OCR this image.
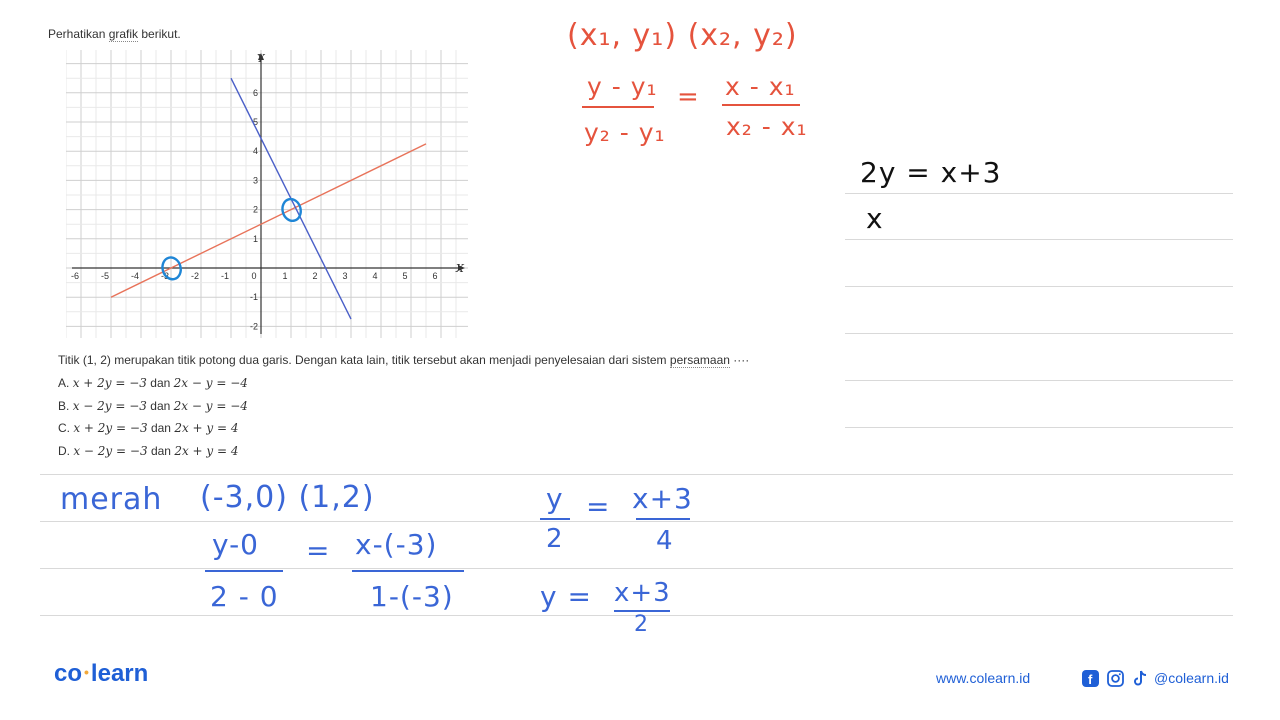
Perhatikan grafik berikut.
X
Y
-6 -5 -4 -3 -2 -1 0	1	2	3	4	5	6
-2
-1
1
2
3
4
5
6
Titik (1, 2) merupakan titik potong dua garis. Dengan kata lain, titik tersebut akan menjadi penyelesaian dari sistem persamaan ····
A. x + 2y = −3 dan 2x − y = −4
B. x − 2y = −3 dan 2x − y = −4
C. x + 2y = −3 dan 2x + y = 4
D. x − 2y = −3 dan 2x + y = 4
(x₁, y₁) (x₂, y₂)
y - y₁
y₂ - y₁
= x - x₁
x₂ - x₁
2y = x+3
x
merah (-3,0) (1,2)
y-0
2 - 0
= x-(-3)
1-(-3)
y
2
= x+3
4
y = x+3
2
co •learn	www.colearn.id	f	@colearn.id
